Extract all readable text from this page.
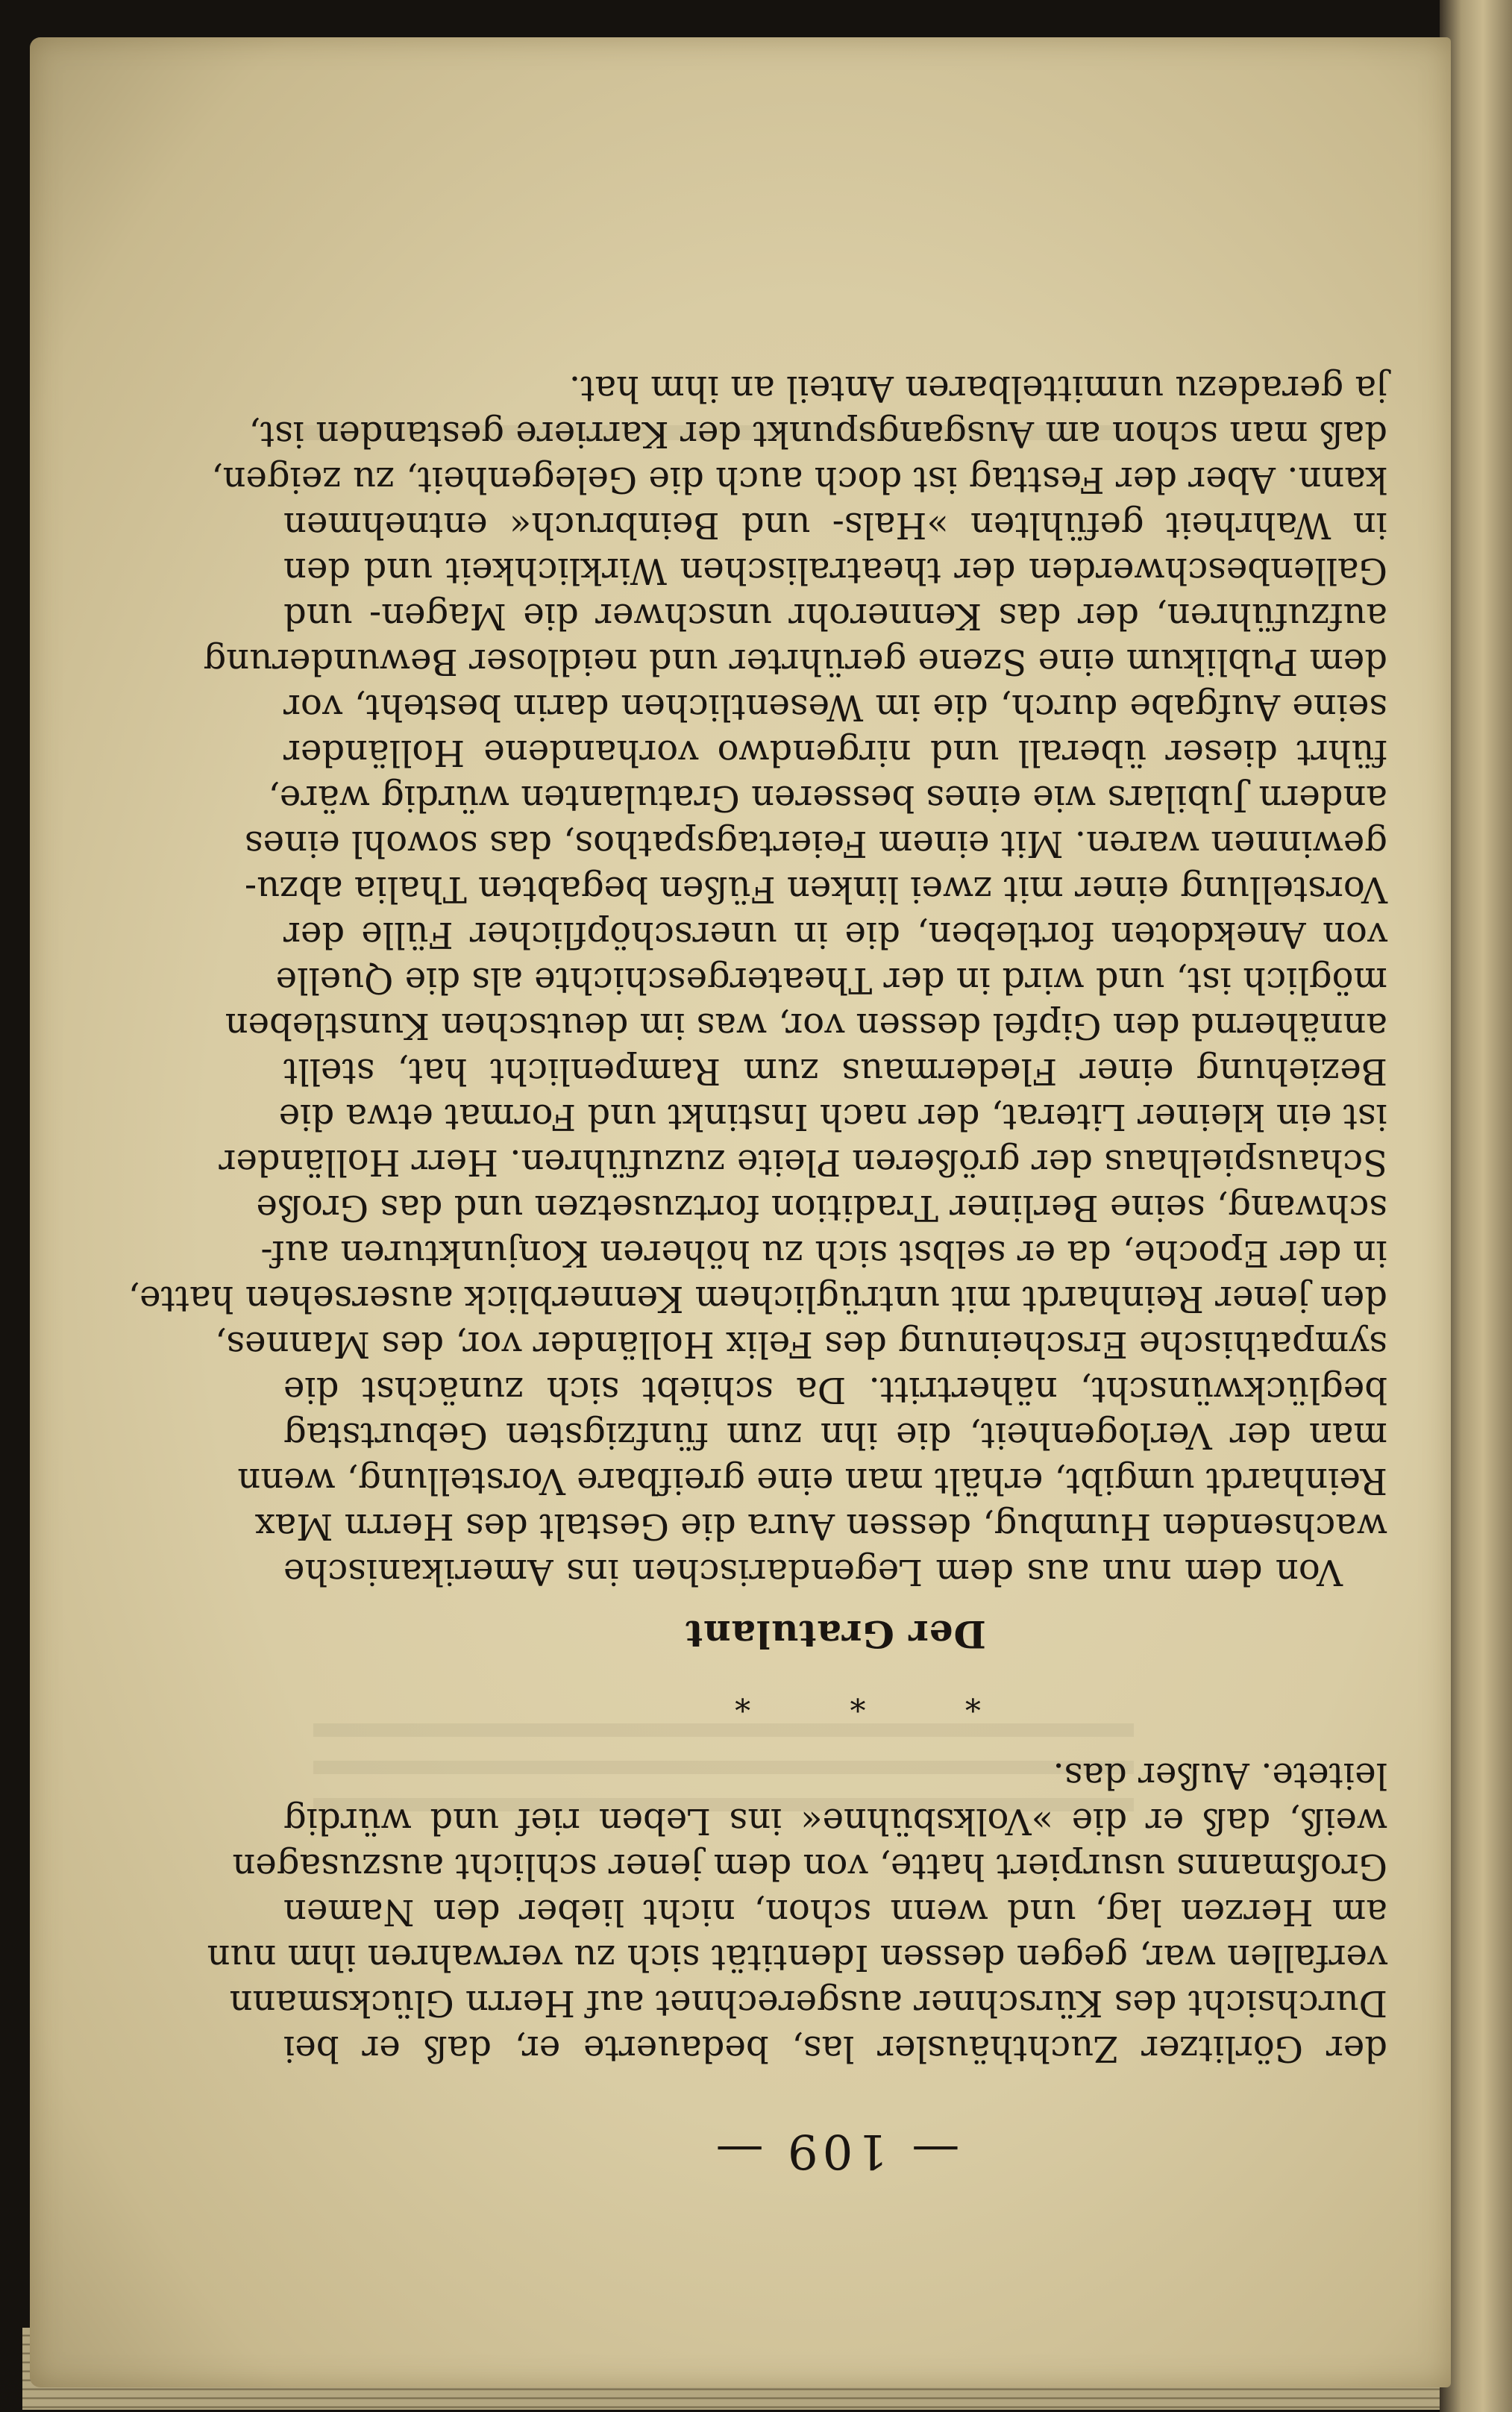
— 109 —

der Görlitzer Zuchthäusler las, bedauerte er, daß er bei
Durchsicht des Kürschner ausgerechnet auf Herrn Glücksmann
verfallen war, gegen dessen Identität sich zu verwahren ihm nun
am Herzen lag, und wenn schon, nicht lieber den Namen
Großmanns usurpiert hatte, von dem jener schlicht auszusagen
weiß, daß er die »Volksbühne« ins Leben rief und würdig
leitete. Außer das.

* * *
Der Gratulant

Von dem nun aus dem Legendarischen ins Amerikanische
wachsenden Humbug, dessen Aura die Gestalt des Herrn Max
Reinhardt umgibt, erhält man eine greifbare Vorstellung, wenn
man der Verlogenheit, die ihn zum fünfzigsten Geburtstag
beglückwünscht, nähertritt. Da schiebt sich zunächst die
sympathische Erscheinung des Felix Holländer vor, des Mannes,
den jener Reinhardt mit untrüglichem Kennerblick ausersehen hatte,
in der Epoche, da er selbst sich zu höheren Konjunkturen auf-
schwang, seine Berliner Tradition fortzusetzen und das Große
Schauspielhaus der größeren Pleite zuzuführen. Herr Holländer
ist ein kleiner Literat, der nach Instinkt und Format etwa die
Beziehung einer Fledermaus zum Rampenlicht hat, stellt
annähernd den Gipfel dessen vor, was im deutschen Kunstleben
möglich ist, und wird in der Theatergeschichte als die Quelle
von Anekdoten fortleben, die in unerschöpflicher Fülle der
Vorstellung einer mit zwei linken Füßen begabten Thalia abzu-
gewinnen waren. Mit einem Feiertagspathos, das sowohl eines
andern Jubilars wie eines besseren Gratulanten würdig wäre,
führt dieser überall und nirgendwo vorhandene Holländer
seine Aufgabe durch, die im Wesentlichen darin besteht, vor
dem Publikum eine Szene gerührter und neidloser Bewunderung
aufzuführen, der das Kennerohr unschwer die Magen- und
Gallenbeschwerden der theatralischen Wirklichkeit und den
in Wahrheit gefühlten »Hals- und Beinbruch« entnehmen
kann. Aber der Festtag ist doch auch die Gelegenheit, zu zeigen,
daß man schon am Ausgangspunkt der Karriere gestanden ist,
ja geradezu unmittelbaren Anteil an ihm hat.
